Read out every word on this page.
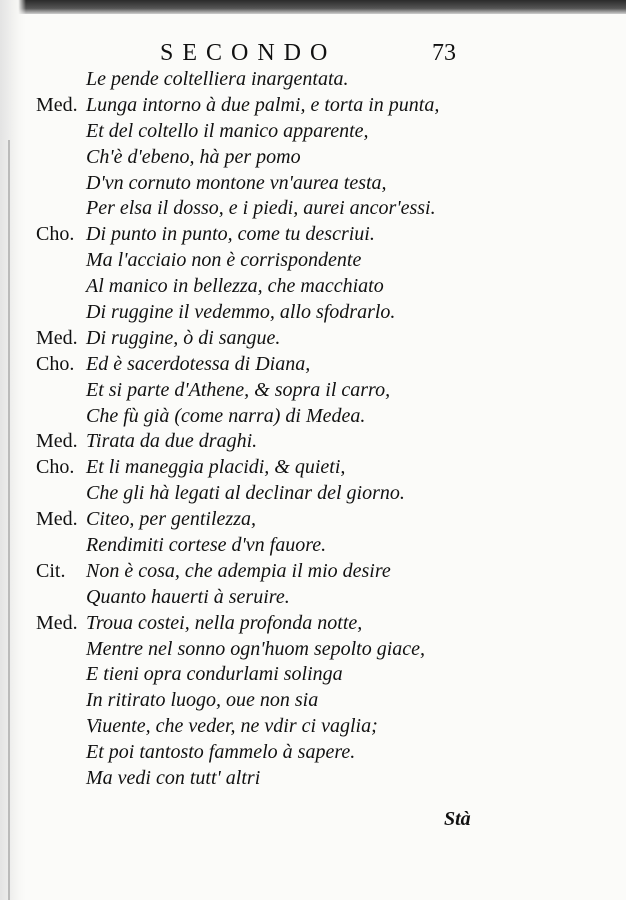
SECONDO	73
Le pende coltelliera inargentata.
Med. Lunga intorno à due palmi, e torta in punta,
Et del coltello il manico apparente,
Ch'è d'ebeno, hà per pomo
D'vn cornuto montone vn'aurea testa,
Per elsa il dosso, e i piedi, aurei ancor'essi.
Cho. Di punto in punto, come tu descriui.
Ma l'acciaio non è corrispondente
Al manico in bellezza, che macchiato
Di ruggine il vedemmo, allo sfodrarlo.
Med. Di ruggine, ò di sangue.
Cho. Ed è sacerdotessa di Diana,
Et si parte d'Athene, & sopra il carro,
Che fù già (come narra) di Medea.
Med. Tirata da due draghi.
Cho. Et li maneggia placidi, & quieti,
Che gli hà legati al declinar del giorno.
Med. Citeo, per gentilezza,
Rendimiti cortese d'vn fauore.
Cit. Non è cosa, che adempia il mio desire
Quanto hauerti à seruire.
Med. Troua costei, nella profonda notte,
Mentre nel sonno ogn'huom sepolto giace,
E tieni opra condurlami solinga
In ritirato luogo, oue non sia
Viuente, che veder, ne vdir ci vaglia;
Et poi tantosto fammelo à sapere.
Ma vedi con tutt' altri
Stà
